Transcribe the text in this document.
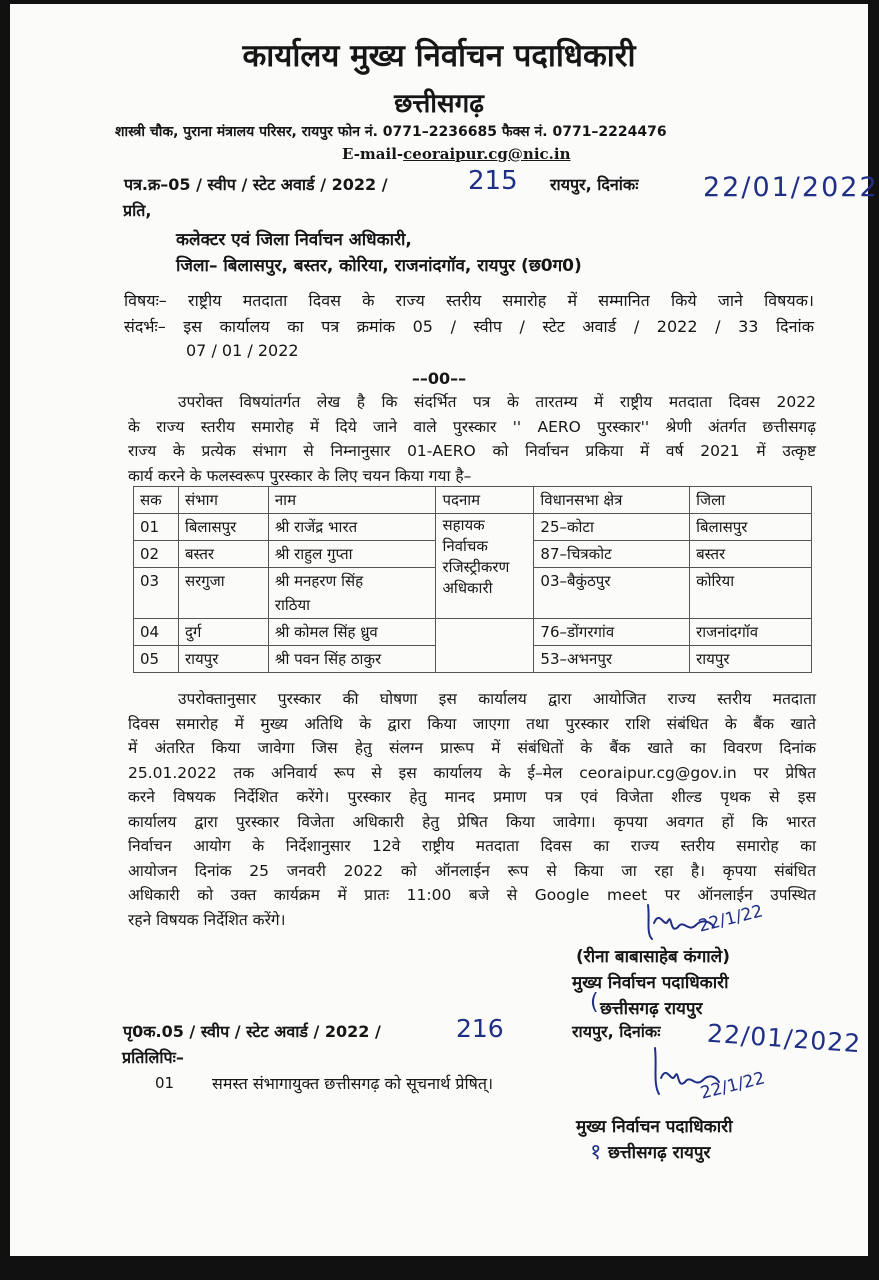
कार्यालय मुख्य निर्वाचन पदाधिकारी
छत्तीसगढ़
शास्त्री चौक, पुराना मंत्रालय परिसर, रायपुर फोन नं. 0771–2236685 फैक्स नं. 0771–2224476
E-mail-ceoraipur.cg@nic.in
पत्र.क्र–05 / स्वीप / स्टेट अवार्ड / 2022 /	215 रायपुर, दिनांकः 22/01/2022
प्रति,
कलेक्टर एवं जिला निर्वाचन अधिकारी,
जिला– बिलासपुर, बस्तर, कोरिया, राजनांदगॉव, रायपुर (छ0ग0)
विषयः– राष्ट्रीय मतदाता दिवस के राज्य स्तरीय समारोह में सम्मानित किये जाने विषयक।
संदर्भः– इस कार्यालय का पत्र क्रमांक 05 / स्वीप / स्टेट अवार्ड / 2022 / 33 दिनांक
07 / 01 / 2022
––00––
उपरोक्त विषयांतर्गत लेख है कि संदर्भित पत्र के तारतम्य में राष्ट्रीय मतदाता दिवस 2022
के राज्य स्तरीय समारोह में दिये जाने वाले पुरस्कार '' AERO पुरस्कार'' श्रेणी अंतर्गत छत्तीसगढ़
राज्य के प्रत्येक संभाग से निम्नानुसार 01-AERO को निर्वाचन प्रकिया में वर्ष 2021 में उत्कृष्ट
कार्य करने के फलस्वरूप पुरस्कार के लिए चयन किया गया है–
सक	संभाग	नाम	पदनाम	विधानसभा क्षेत्र	जिला
01	बिलासपुर	श्री राजेंद्र भारत	सहायक
निर्वाचक
रजिस्ट्रीकरण
अधिकारी	25–कोटा	बिलासपुर
02	बस्तर	श्री राहुल गुप्ता		87–चित्रकोट	बस्तर
03	सरगुजा	श्री मनहरण सिंह
राठिया		03–बैकुंठपुर	कोरिया
04	दुर्ग	श्री कोमल सिंह ध्रुव		76–डोंगरगांव	राजनांदगॉव
05	रायपुर	श्री पवन सिंह ठाकुर		53–अभनपुर	रायपुर
उपरोक्तानुसार पुरस्कार की घोषणा इस कार्यालय द्वारा आयोजित राज्य स्तरीय मतदाता
दिवस समारोह में मुख्य अतिथि के द्वारा किया जाएगा तथा पुरस्कार राशि संबंधित के बैंक खाते
में अंतरित किया जावेगा जिस हेतु संलग्न प्रारूप में संबंधितों के बैंक खाते का विवरण दिनांक
25.01.2022 तक अनिवार्य रूप से इस कार्यालय के ई–मेल ceoraipur.cg@gov.in पर प्रेषित
करने विषयक निर्देशित करेंगे। पुरस्कार हेतु मानद प्रमाण पत्र एवं विजेता शील्ड पृथक से इस
कार्यालय द्वारा पुरस्कार विजेता अधिकारी हेतु प्रेषित किया जावेगा। कृपया अवगत हों कि भारत
निर्वाचन आयोग के निर्देशानुसार 12वे राष्ट्रीय मतदाता दिवस का राज्य स्तरीय समारोह का
आयोजन दिनांक 25 जनवरी 2022 को ऑनलाईन रूप से किया जा रहा है। कृपया संबंधित
अधिकारी को उक्त कार्यक्रम में प्रातः 11:00 बजे से Google meet पर ऑनलाईन उपस्थित
रहने विषयक निर्देशित करेंगे।	22/1/22
(रीना बाबासाहेब कंगाले)
मुख्य निर्वाचन पदाधिकारी
( छत्तीसगढ़ रायपुर
पृ0क.05 / स्वीप / स्टेट अवार्ड / 2022 /	216	रायपुर, दिनांकः 22/01/2022
प्रतिलिपिः–
01 समस्त संभागायुक्त छत्तीसगढ़ को सूचनार्थ प्रेषित्।	22/1/22
मुख्य निर्वाचन पदाधिकारी
१ छत्तीसगढ़ रायपुर
